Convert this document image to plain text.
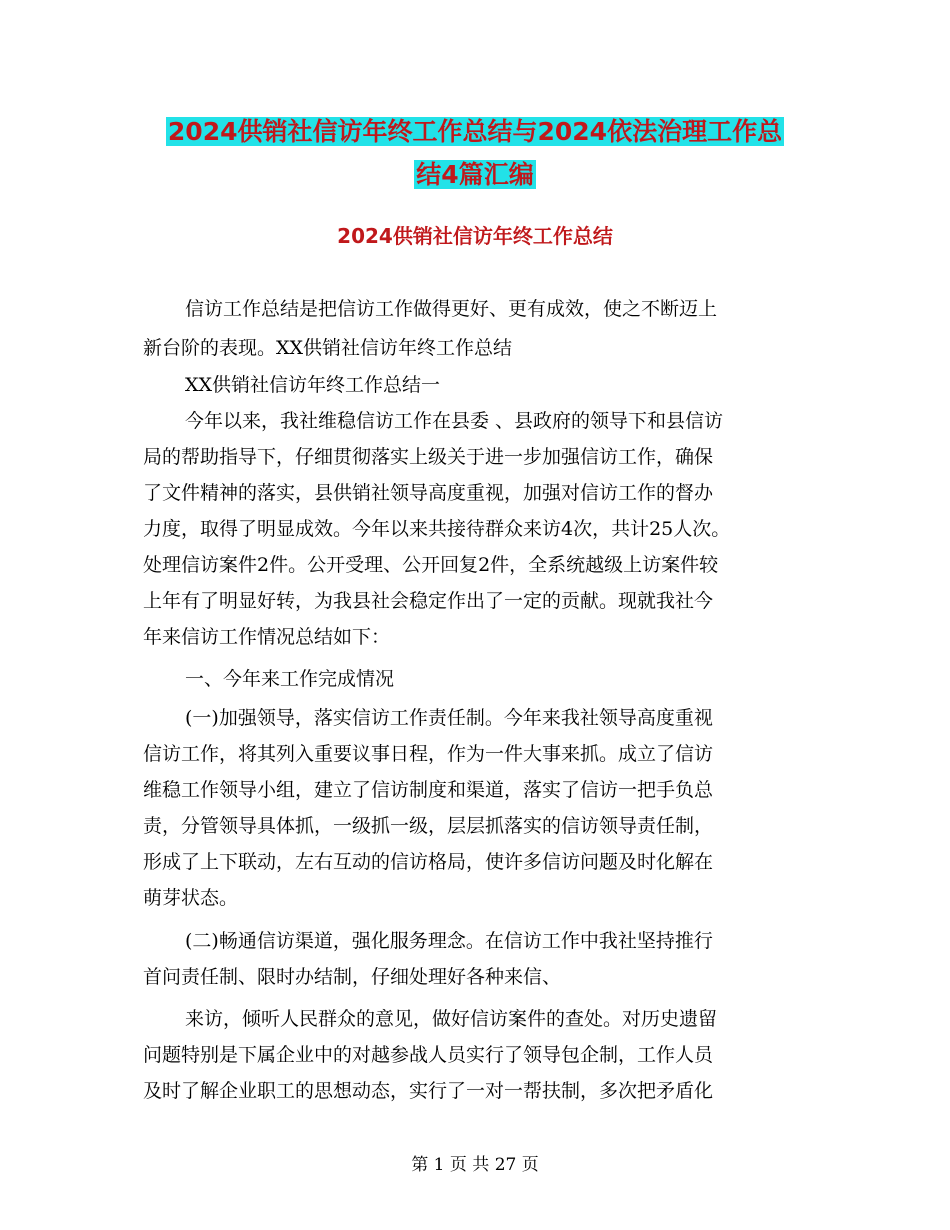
2024供销社信访年终工作总结与2024依法治理工作总
结4篇汇编
2024供销社信访年终工作总结
信访工作总结是把信访工作做得更好、更有成效，使之不断迈上
新台阶的表现。XX供销社信访年终工作总结
XX供销社信访年终工作总结一
今年以来，我社维稳信访工作在县委 、县政府的领导下和县信访
局的帮助指导下，仔细贯彻落实上级关于进一步加强信访工作，确保
了文件精神的落实，县供销社领导高度重视，加强对信访工作的督办
力度，取得了明显成效。今年以来共接待群众来访4次，共计25人次。
处理信访案件2件。公开受理、公开回复2件，全系统越级上访案件较
上年有了明显好转，为我县社会稳定作出了一定的贡献。现就我社今
年来信访工作情况总结如下：
一、今年来工作完成情况
(一)加强领导，落实信访工作责任制。今年来我社领导高度重视
信访工作，将其列入重要议事日程，作为一件大事来抓。成立了信访
维稳工作领导小组，建立了信访制度和渠道，落实了信访一把手负总
责，分管领导具体抓，一级抓一级，层层抓落实的信访领导责任制，
形成了上下联动，左右互动的信访格局，使许多信访问题及时化解在
萌芽状态。
(二)畅通信访渠道，强化服务理念。在信访工作中我社坚持推行
首问责任制、限时办结制，仔细处理好各种来信、
来访，倾听人民群众的意见，做好信访案件的查处。对历史遗留
问题特别是下属企业中的对越参战人员实行了领导包企制，工作人员
及时了解企业职工的思想动态，实行了一对一帮扶制，多次把矛盾化
第 1 页 共 27 页
